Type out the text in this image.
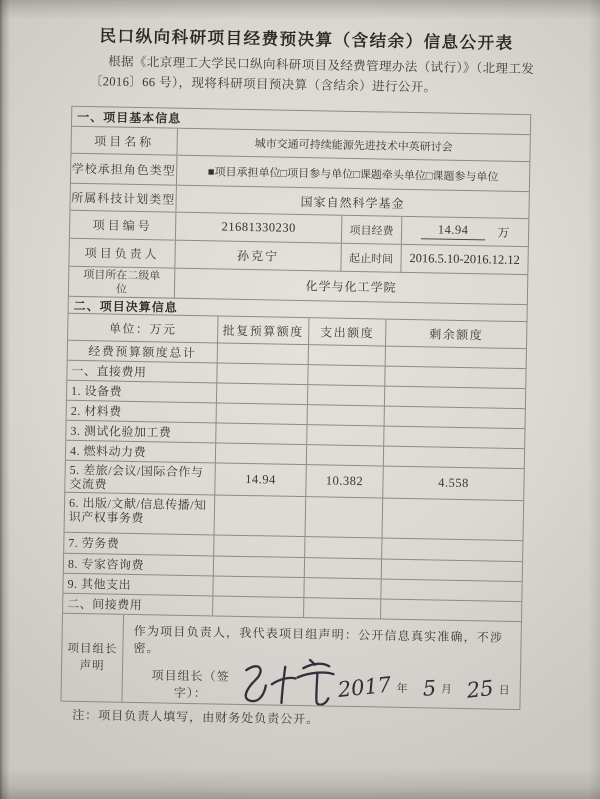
民口纵向科研项目经费预决算（含结余）信息公开表
根据《北京理工大学民口纵向科研项目及经费管理办法（试行）》（北理工发
〔2016〕66 号），现将科研项目预决算（含结余）进行公开。
一、项目基本信息
项目名称	城市交通可持续能源先进技术中英研讨会
学校承担角色类型	■项目承担单位□项目参与单位□课题牵头单位□课题参与单位
所属科技计划类型	国家自然科学基金
项目编号	21681330230	项目经费	14.94	万
项目负责人	孙克宁	起止时间	2016.5.10-2016.12.12
项目所在二级单位	化学与化工学院
二、项目决算信息
单位：万元	批复预算额度	支出额度	剩余额度
经费预算额度总计
一、直接费用
1. 设备费
2. 材料费
3. 测试化验加工费
4. 燃料动力费
5. 差旅/会议/国际合作与交流费	14.94	10.382	4.558
6. 出版/文献/信息传播/知识产权事务费
7. 劳务费
8. 专家咨询费
9. 其他支出
二、间接费用
项目组长
声明
作为项目负责人，我代表项目组声明：公开信息真实准确，不涉密。
项目组长（签字）：	2017 年 5 月 25 日
注：项目负责人填写，由财务处负责公开。
